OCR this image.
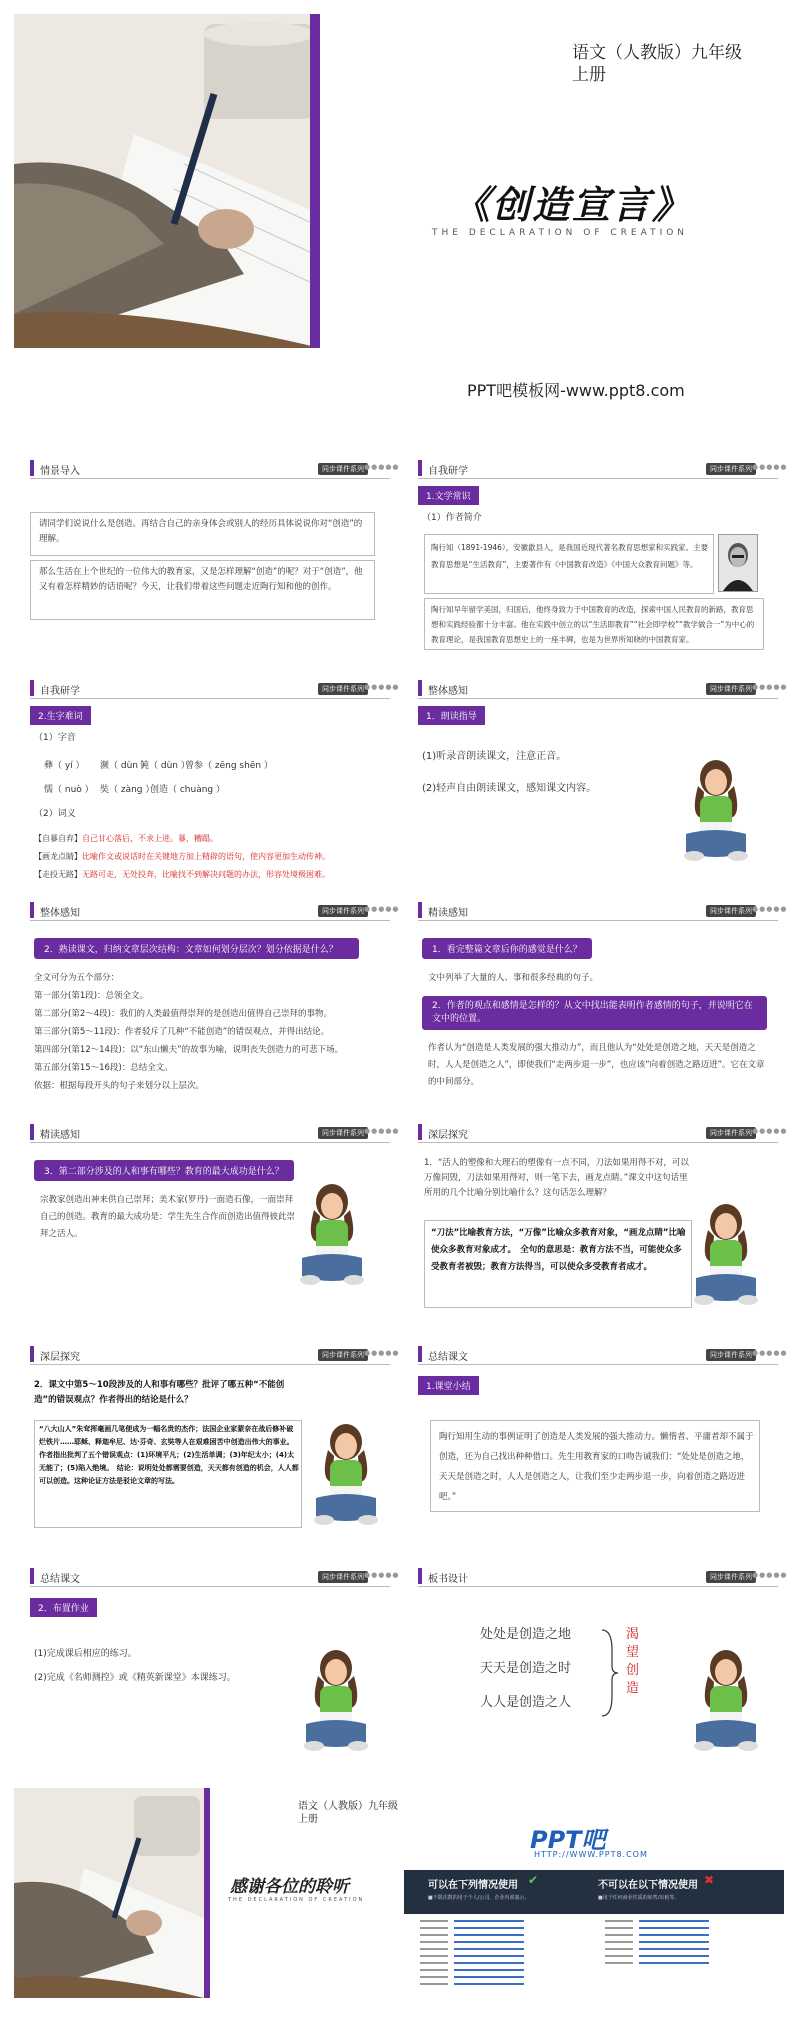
语文（人教版）九年级 上册
《创造宣言》
THE DECLARATION OF CREATION
PPT吧模板网-www.ppt8.com
情景导入	同步课件系列 ●●●●●	自我研学	同步课件系列 ●●●●●
请同学们说说什么是创造。再结合自己的亲身体会或别人的经历具体说说你对“创造”的理解。
那么生活在上个世纪的一位伟大的教育家，又是怎样理解“创造”的呢？对于“创造”，他又有着怎样精妙的话语呢？今天，让我们带着这些问题走近陶行知和他的创作。
1.文学常识
（1）作者简介
陶行知（1891-1946），安徽歙县人，是我国近现代著名教育思想家和实践家。主要教育思想是“生活教育”，主要著作有《中国教育改造》《中国大众教育问题》等。
陶行知早年留学美国，归国后，他终身致力于中国教育的改造，探索中国人民教育的新路，教育思想和实践经验都十分丰富。他在实践中创立的以“生活即教育”“社会即学校”“教学做合一”为中心的教育理论，是我国教育思想史上的一座丰碑，也是为世界所知晓的中国教育家。
自我研学	同步课件系列 ●●●●●	整体感知	同步课件系列 ●●●●●
2.生字难词
（1）字音
彝（ yí ） 濒（ dùn ）
钝（ dùn ）
曾参（ zēng shēn ）
懦（ nuò ） 奘（ zàng ）
创造（ chuàng ）
（2）词义
【自暴自弃】自己甘心落后，不求上进。暴，糟蹋。
【画龙点睛】比喻作文或说话时在关键地方加上精辟的语句，使内容更加生动传神。
【走投无路】无路可走，无处投奔，比喻找不到解决问题的办法，形容处境极困难。
1．朗读指导
(1)听录音朗读课文，注意正音。
(2)轻声自由朗读课文，感知课文内容。
整体感知	同步课件系列 ●●●●●	精读感知	同步课件系列 ●●●●●
2．熟读课文，归纳文章层次结构：文章如何划分层次？划分依据是什么？
全文可分为五个部分：
第一部分(第1段)：总领全文。
第二部分(第2～4段)：我们的人类最值得崇拜的是创造出值得自己崇拜的事物。
第三部分(第5～11段)：作者驳斥了几种“不能创造”的错误观点，并得出结论。
第四部分(第12～14段)：以“东山懒夫”的故事为喻，说明丧失创造力的可悲下场。
第五部分(第15～16段)：总结全文。
依据：根据每段开头的句子来划分以上层次。
1．看完整篇文章后你的感觉是什么？
文中列举了大量的人、事和很多经典的句子。
2．作者的观点和感情是怎样的？从文中找出能表明作者感情的句子，并说明它在文中的位置。
作者认为“创造是人类发展的强大推动力”，而且他认为“处处是创造之地，天天是创造之时，人人是创造之人”，即使我们“走两步退一步”，也应该“向着创造之路迈进”。它在文章的中间部分。
精读感知	同步课件系列 ●●●●●	深层探究	同步课件系列 ●●●●●
3．第二部分涉及的人和事有哪些？教育的最大成功是什么？
宗教家创造出神来供自己崇拜；美术家(罗丹)一面造石像，一面崇拜自己的创造。教育的最大成功是：学生先生合作而创造出值得彼此崇拜之活人。
1．“活人的塑像和大理石的塑像有一点不同，刀法如果用得不对，可以万像同毁，刀法如果用得对，则一笔下去，画龙点睛。”课文中这句话里所用的几个比喻分别比喻什么？这句话怎么理解？
“刀法”比喻教育方法，“万像”比喻众多教育对象，“画龙点睛”比喻使众多教育对象成才。　全句的意思是：教育方法不当，可能使众多受教育者被毁；教育方法得当，可以使众多受教育者成才。
深层探究	同步课件系列 ●●●●●	总结课文	同步课件系列 ●●●●●
2．课文中第5～10段涉及的人和事有哪些？批评了哪五种“不能创造”的错误观点？作者得出的结论是什么？
“八大山人”朱耷挥毫画几笔便成为一幅名贵的杰作；法国企业家蒙奈在战后修补破烂铁片……耶稣、释迦牟尼、达·芬奇、玄奘等人在艰难困苦中创造出伟大的事业。作者指出批判了五个错误观点：(1)环境平凡；(2)生活单调；(3)年纪太小；(4)太无能了；(5)陷入绝境。　结论：说明处处都需要创造，天天都有创造的机会，人人都可以创造。这种论证方法是驳论文章的写法。
1.课堂小结
陶行知用生动的事例证明了创造是人类发展的强大推动力。懒惰者、平庸者却不属于创造，还为自己找出种种借口。先生用教育家的口吻告诫我们：“处处是创造之地，天天是创造之时，人人是创造之人，让我们至少走两步退一步，向着创造之路迈进吧。”
总结课文	同步课件系列 ●●●●●	板书设计	同步课件系列 ●●●●●
2．布置作业
(1)完成课后相应的练习。
(2)完成《名师测控》或《精英新课堂》本课练习。
处处是创造之地
天天是创造之时
人人是创造之人
渴
望
创
造
语文（人教版）九年级 上册
感谢各位的聆听
THE DECLARATION OF CREATION
PPT吧
HTTP://WWW.PPT8.COM
可以在下列情况使用 ✔	不可以在以下情况使用 ✖
■不限次数的用于个人/公司、企业内部演示。	■用于任何商业性质的转售/出租等。
